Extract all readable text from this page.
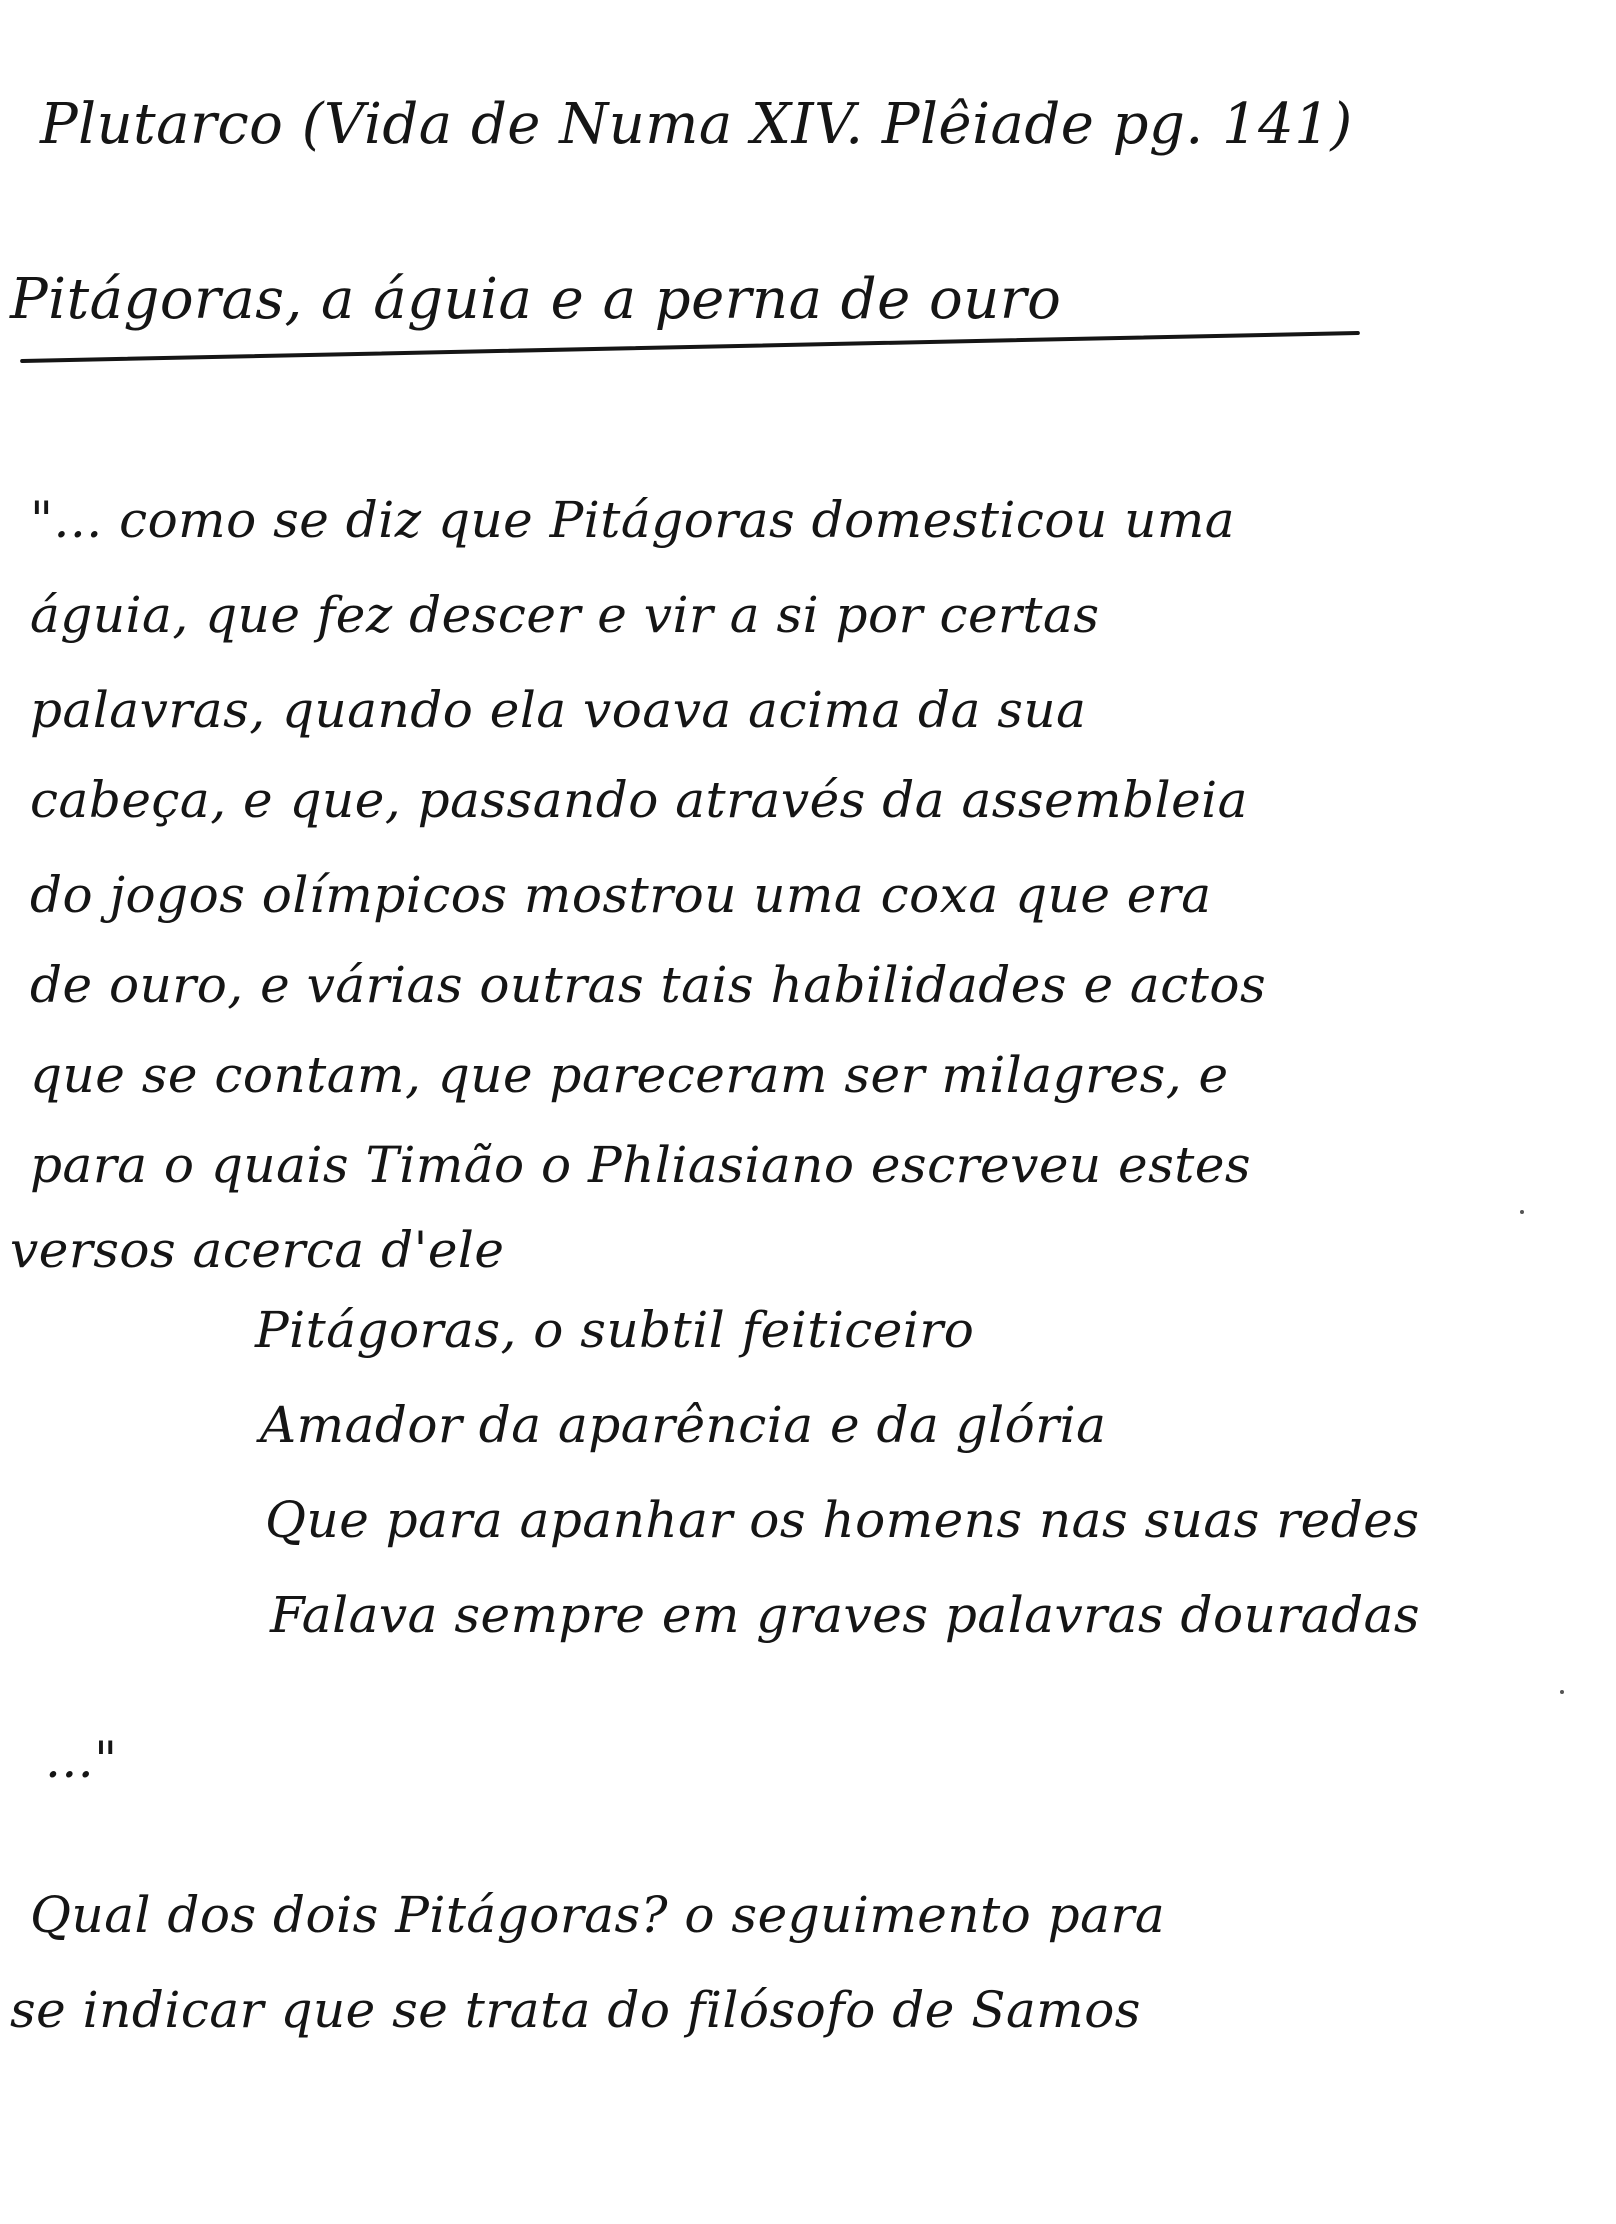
Plutarco (Vida de Numa XIV. Plêiade pg. 141)
Pitágoras, a águia e a perna de ouro
"... como se diz que Pitágoras domesticou uma
águia, que fez descer e vir a si por certas
palavras, quando ela voava acima da sua
cabeça, e que, passando através da assembleia
do jogos olímpicos mostrou uma coxa que era
de ouro, e várias outras tais habilidades e actos
que se contam, que pareceram ser milagres, e
para o quais Timão o Phliasiano escreveu estes
versos acerca d'ele
Pitágoras, o subtil feiticeiro
Amador da aparência e da glória
Que para apanhar os homens nas suas redes
Falava sempre em graves palavras douradas
..."
Qual dos dois Pitágoras? o seguimento para
se indicar que se trata do filósofo de Samos
